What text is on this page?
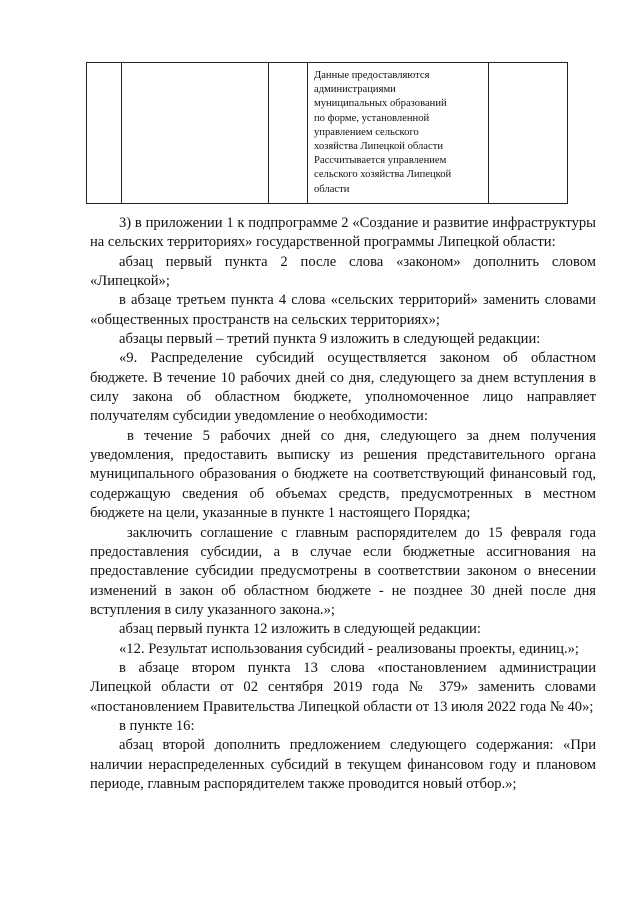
Данные предоставляются
администрациями
муниципальных образований
по форме, установленной
управлением сельского
хозяйства Липецкой области
Рассчитывается управлением
сельского хозяйства Липецкой
области

3) в приложении 1 к подпрограмме 2 «Создание и развитие инфраструктуры на сельских территориях» государственной программы Липецкой области:

абзац первый пункта 2 после слова «законом» дополнить словом «Липецкой»;

в абзаце третьем пункта 4 слова «сельских территорий» заменить словами «общественных пространств на сельских территориях»;

абзацы первый – третий пункта 9 изложить в следующей редакции:

«9. Распределение субсидий осуществляется законом об областном бюджете. В течение 10 рабочих дней со дня, следующего за днем вступления в силу закона об областном бюджете, уполномоченное лицо направляет получателям субсидии уведомление о необходимости:

в течение 5 рабочих дней со дня, следующего за днем получения уведомления, предоставить выписку из решения представительного органа муниципального образования о бюджете на соответствующий финансовый год, содержащую сведения об объемах средств, предусмотренных в местном бюджете на цели, указанные в пункте 1 настоящего Порядка;

заключить соглашение с главным распорядителем до 15 февраля года предоставления субсидии, а в случае если бюджетные ассигнования на предоставление субсидии предусмотрены в соответствии законом о внесении изменений в закон об областном бюджете - не позднее 30 дней после дня вступления в силу указанного закона.»;

абзац первый пункта 12 изложить в следующей редакции:

«12. Результат использования субсидий - реализованы проекты, единиц.»;

в абзаце втором пункта 13 слова «постановлением администрации Липецкой области от 02 сентября 2019 года № 379» заменить словами «постановлением Правительства Липецкой области от 13 июля 2022 года № 40»;

в пункте 16:

абзац второй дополнить предложением следующего содержания: «При наличии нераспределенных субсидий в текущем финансовом году и плановом периоде, главным распорядителем также проводится новый отбор.»;
